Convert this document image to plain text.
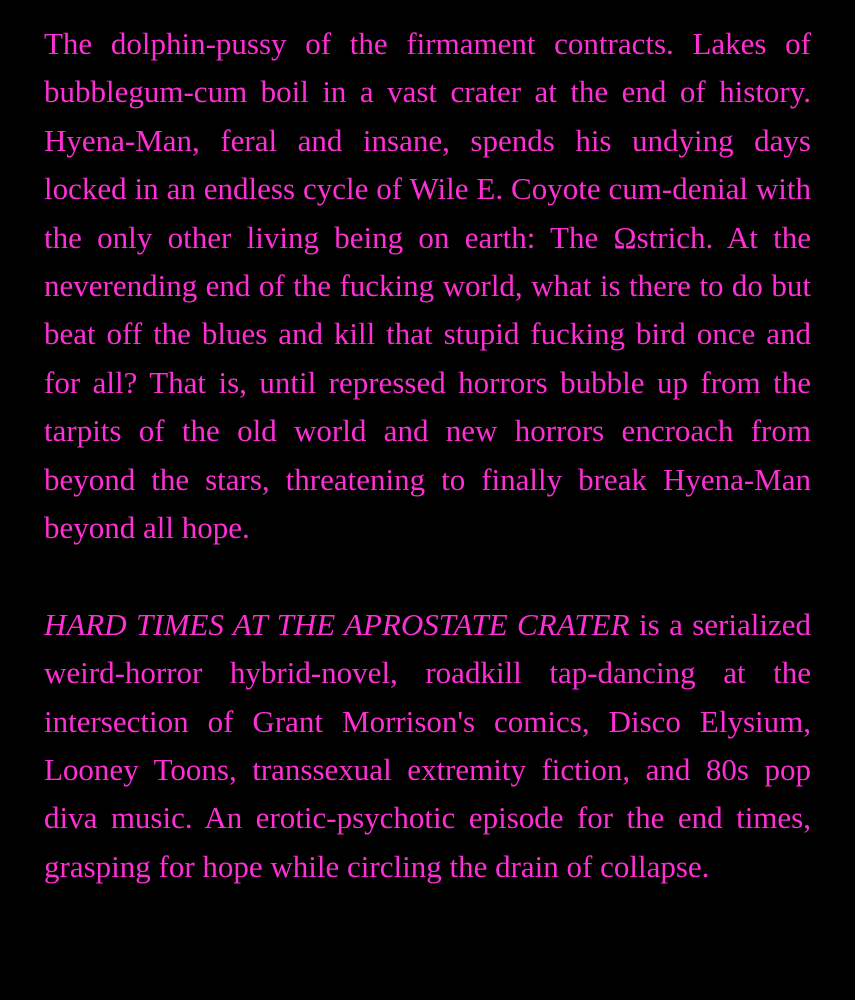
The dolphin-pussy of the firmament contracts. Lakes of bubblegum-cum boil in a vast crater at the end of history. Hyena-Man, feral and insane, spends his undying days locked in an endless cycle of Wile E. Coyote cum-denial with the only other living being on earth: The Ωstrich. At the neverending end of the fucking world, what is there to do but beat off the blues and kill that stupid fucking bird once and for all? That is, until repressed horrors bubble up from the tarpits of the old world and new horrors encroach from beyond the stars, threatening to finally break Hyena-Man beyond all hope.

HARD TIMES AT THE APROSTATE CRATER is a serialized weird-horror hybrid-novel, roadkill tap-dancing at the intersection of Grant Morrison's comics, Disco Elysium, Looney Toons, transsexual extremity fiction, and 80s pop diva music. An erotic-psychotic episode for the end times, grasping for hope while circling the drain of collapse.
